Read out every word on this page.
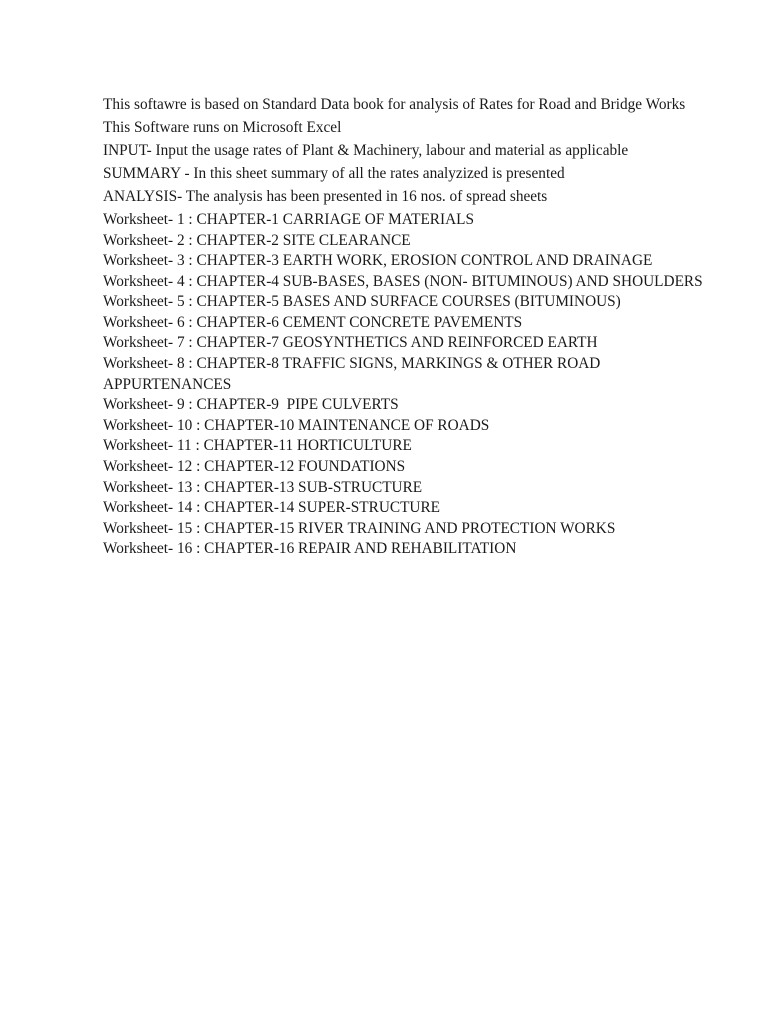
This softawre is based on Standard Data book for analysis of Rates for Road and Bridge Works

This Software runs on Microsoft Excel

INPUT- Input the usage rates of Plant & Machinery, labour and material as applicable

SUMMARY - In this sheet summary of all the rates analyzized is presented

ANALYSIS- The analysis has been presented in 16 nos. of spread sheets

Worksheet- 1 : CHAPTER-1 CARRIAGE OF MATERIALS

Worksheet- 2 : CHAPTER-2 SITE CLEARANCE

Worksheet- 3 : CHAPTER-3 EARTH WORK, EROSION CONTROL AND DRAINAGE

Worksheet- 4 : CHAPTER-4 SUB-BASES, BASES (NON- BITUMINOUS) AND SHOULDERS

Worksheet- 5 : CHAPTER-5 BASES AND SURFACE COURSES (BITUMINOUS)

Worksheet- 6 : CHAPTER-6 CEMENT CONCRETE PAVEMENTS

Worksheet- 7 : CHAPTER-7 GEOSYNTHETICS AND REINFORCED EARTH

Worksheet- 8 : CHAPTER-8 TRAFFIC SIGNS, MARKINGS & OTHER ROAD APPURTENANCES

Worksheet- 9 : CHAPTER-9  PIPE CULVERTS

Worksheet- 10 : CHAPTER-10 MAINTENANCE OF ROADS

Worksheet- 11 : CHAPTER-11 HORTICULTURE

Worksheet- 12 : CHAPTER-12 FOUNDATIONS

Worksheet- 13 : CHAPTER-13 SUB-STRUCTURE

Worksheet- 14 : CHAPTER-14 SUPER-STRUCTURE

Worksheet- 15 : CHAPTER-15 RIVER TRAINING AND PROTECTION WORKS

Worksheet- 16 : CHAPTER-16 REPAIR AND REHABILITATION
